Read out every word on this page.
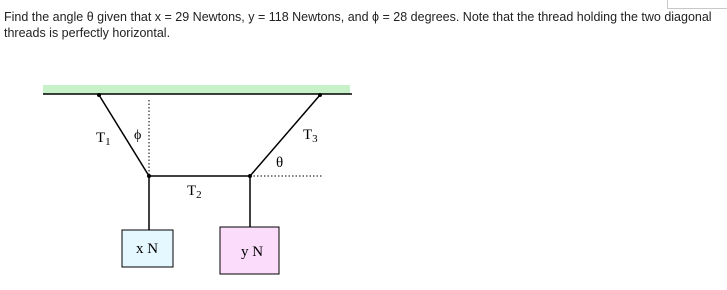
Find the angle θ given that x = 29 Newtons, y = 118 Newtons, and ϕ = 28 degrees. Note that the thread holding the two diagonal threads is perfectly horizontal.
$T_1$ ϕ
$T_2$
$T_3$
θ
x N	y N
